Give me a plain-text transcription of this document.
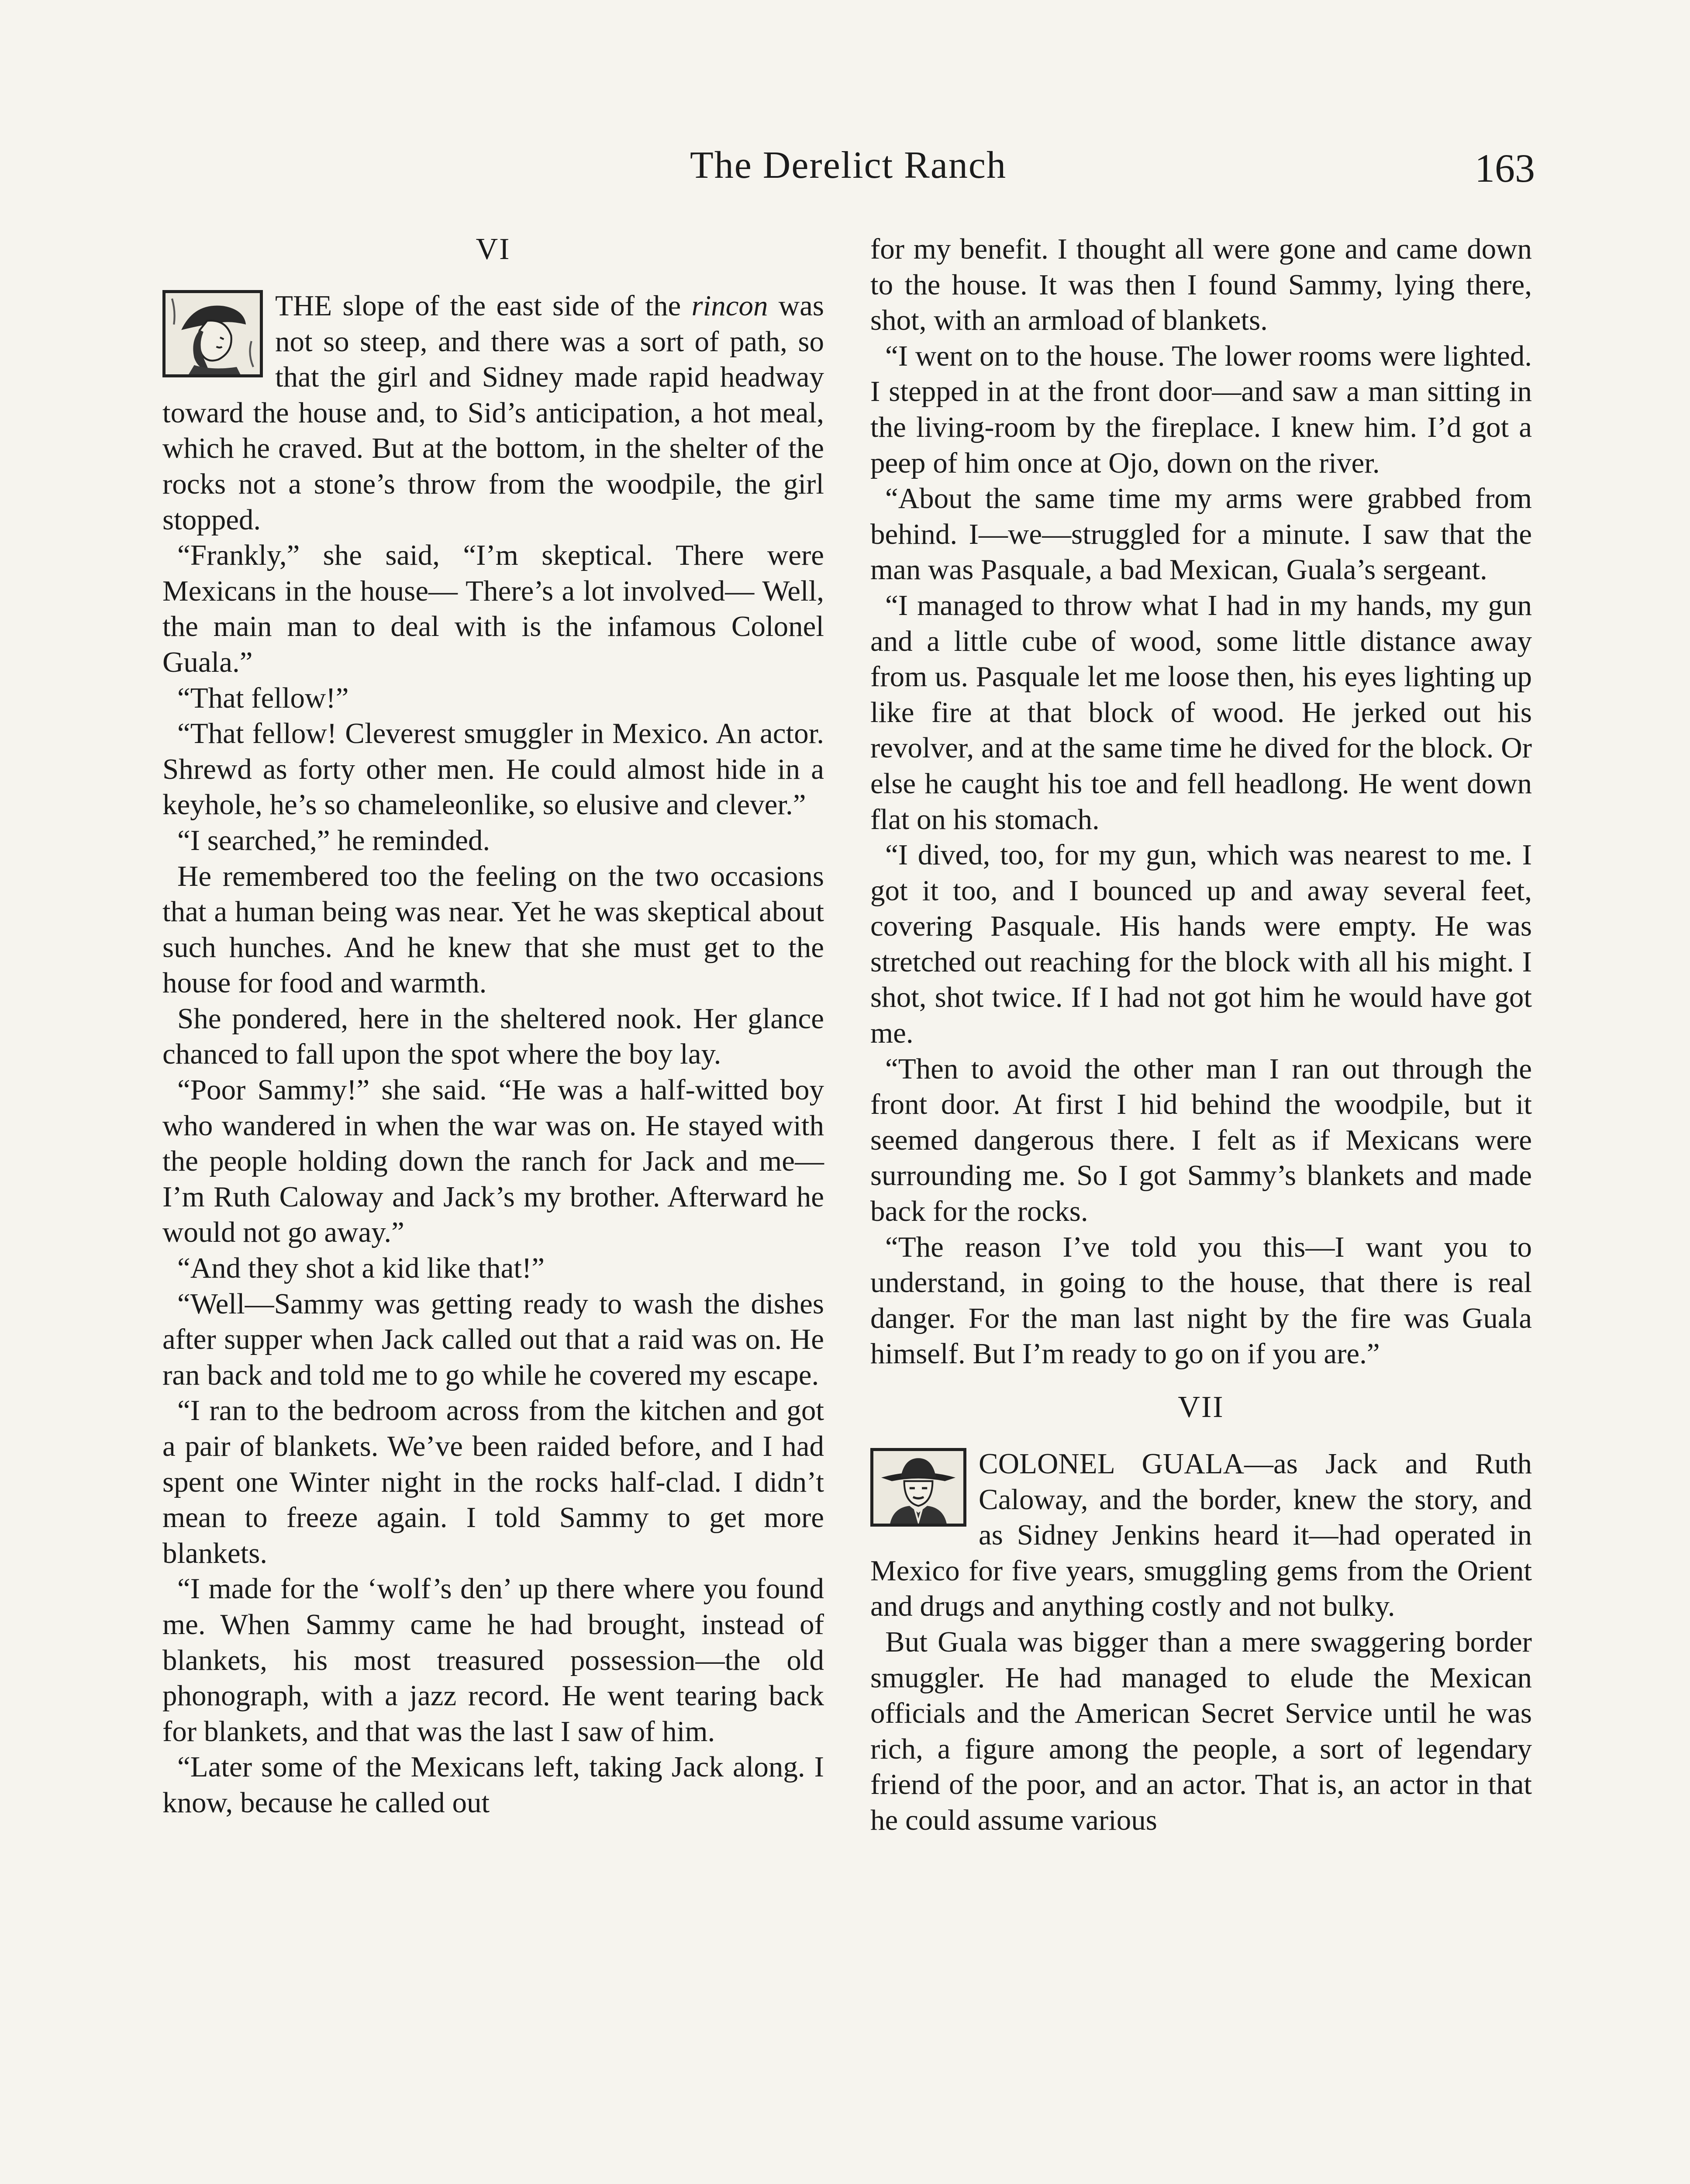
The Derelict Ranch	163
VI

THE slope of the east side of the rincon was not so steep, and there was a sort of path, so that the girl and Sidney made rapid headway toward the house and, to Sid’s anticipation, a hot meal, which he craved. But at the bottom, in the shelter of the rocks not a stone’s throw from the woodpile, the girl stopped.

“Frankly,” she said, “I’m skeptical. There were Mexicans in the house— There’s a lot involved— Well, the main man to deal with is the infamous Colonel Guala.”

“That fellow!”

“That fellow! Cleverest smuggler in Mexico. An actor. Shrewd as forty other men. He could almost hide in a keyhole, he’s so chameleonlike, so elusive and clever.”

“I searched,” he reminded.

He remembered too the feeling on the two occasions that a human being was near. Yet he was skeptical about such hunches. And he knew that she must get to the house for food and warmth.

She pondered, here in the sheltered nook. Her glance chanced to fall upon the spot where the boy lay.

“Poor Sammy!” she said. “He was a half-witted boy who wandered in when the war was on. He stayed with the people holding down the ranch for Jack and me— I’m Ruth Caloway and Jack’s my brother. Afterward he would not go away.”

“And they shot a kid like that!”

“Well—Sammy was getting ready to wash the dishes after supper when Jack called out that a raid was on. He ran back and told me to go while he covered my escape.

“I ran to the bedroom across from the kitchen and got a pair of blankets. We’ve been raided before, and I had spent one Winter night in the rocks half-clad. I didn’t mean to freeze again. I told Sammy to get more blankets.

“I made for the ‘wolf’s den’ up there where you found me. When Sammy came he had brought, instead of blankets, his most treasured possession—the old phonograph, with a jazz record. He went tearing back for blankets, and that was the last I saw of him.

“Later some of the Mexicans left, taking Jack along. I know, because he called out

for my benefit. I thought all were gone and came down to the house. It was then I found Sammy, lying there, shot, with an armload of blankets.

“I went on to the house. The lower rooms were lighted. I stepped in at the front door—and saw a man sitting in the living-room by the fireplace. I knew him. I’d got a peep of him once at Ojo, down on the river.

“About the same time my arms were grabbed from behind. I—we—struggled for a minute. I saw that the man was Pasquale, a bad Mexican, Guala’s sergeant.

“I managed to throw what I had in my hands, my gun and a little cube of wood, some little distance away from us. Pasquale let me loose then, his eyes lighting up like fire at that block of wood. He jerked out his revolver, and at the same time he dived for the block. Or else he caught his toe and fell headlong. He went down flat on his stomach.

“I dived, too, for my gun, which was nearest to me. I got it too, and I bounced up and away several feet, covering Pasquale. His hands were empty. He was stretched out reaching for the block with all his might. I shot, shot twice. If I had not got him he would have got me.

“Then to avoid the other man I ran out through the front door. At first I hid behind the woodpile, but it seemed dangerous there. I felt as if Mexicans were surrounding me. So I got Sammy’s blankets and made back for the rocks.

“The reason I’ve told you this—I want you to understand, in going to the house, that there is real danger. For the man last night by the fire was Guala himself. But I’m ready to go on if you are.”

VII

COLONEL GUALA—as Jack and Ruth Caloway, and the border, knew the story, and as Sidney Jenkins heard it—had operated in Mexico for five years, smuggling gems from the Orient and drugs and anything costly and not bulky.

But Guala was bigger than a mere swaggering border smuggler. He had managed to elude the Mexican officials and the American Secret Service until he was rich, a figure among the people, a sort of legendary friend of the poor, and an actor. That is, an actor in that he could assume various
